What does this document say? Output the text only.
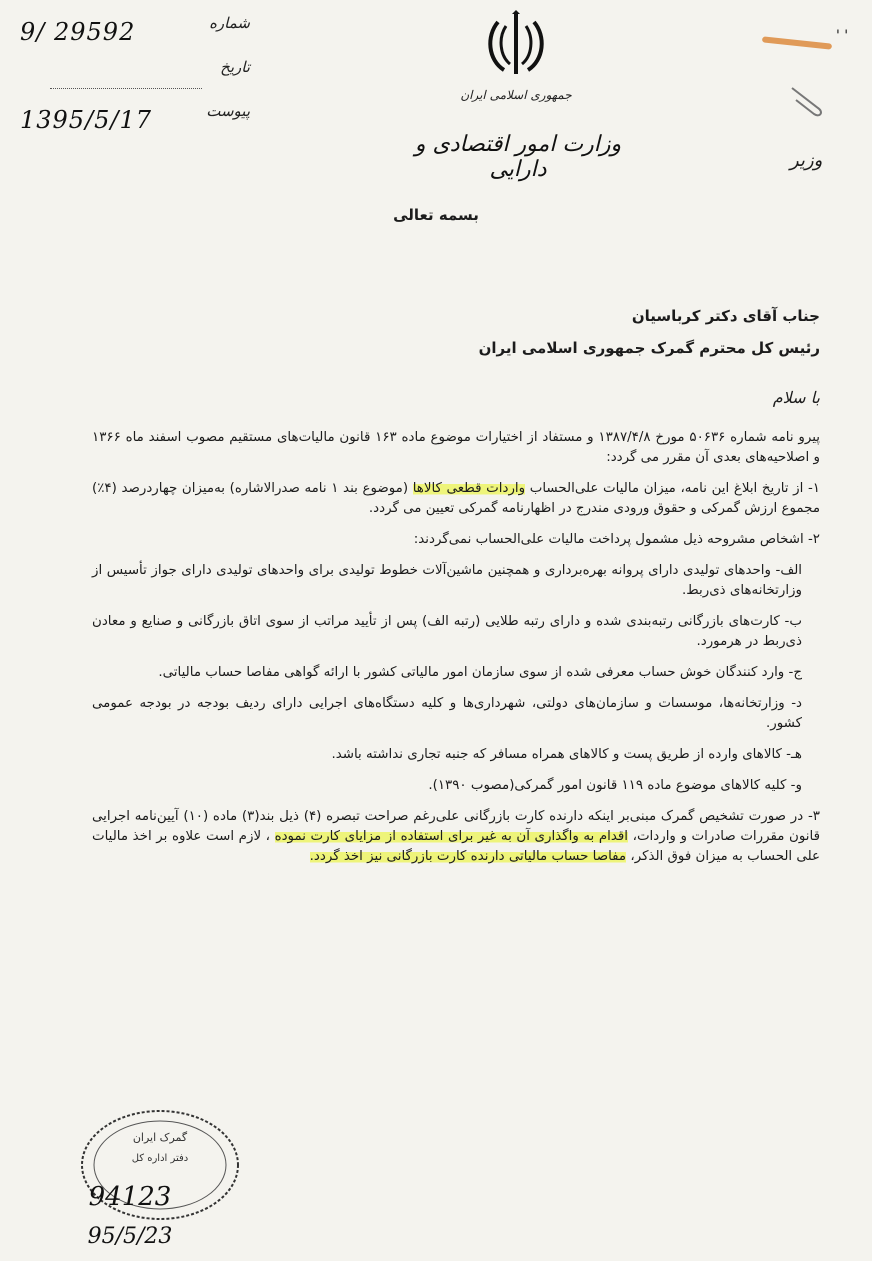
شماره
9/ 29592
تاریخ
پیوست
1395/5/17
جمهوری اسلامی ایران
وزارت امور اقتصادی و دارایی
' '
وزیر
بسمه تعالی
جناب آقای دکتر کرباسیان
رئیس کل محترم گمرک جمهوری اسلامی ایران
با سلام

پیرو نامه شماره ۵۰۶۳۶ مورخ ۱۳۸۷/۴/۸ و مستفاد از اختیارات موضوع ماده ۱۶۳ قانون مالیات‌های مستقیم مصوب اسفند ماه ۱۳۶۶ و اصلاحیه‌های بعدی آن مقرر می گردد:

۱- از تاریخ ابلاغ این نامه، میزان مالیات علی‌الحساب واردات قطعی کالاها (موضوع بند ۱ نامه صدرالاشاره) به‌میزان چهاردرصد (۴٪) مجموع ارزش گمرکی و حقوق ورودی مندرج در اظهارنامه گمرکی تعیین می گردد.

۲- اشخاص مشروحه ذیل مشمول پرداخت مالیات علی‌الحساب نمی‌گردند:

الف- واحدهای تولیدی دارای پروانه بهره‌برداری و همچنین ماشین‌آلات خطوط تولیدی برای واحدهای تولیدی دارای جواز تأسیس از وزارتخانه‌های ذی‌ربط.

ب- کارت‌های بازرگانی رتبه‌بندی شده و دارای رتبه طلایی (رتبه الف) پس از تأیید مراتب از سوی اتاق بازرگانی و صنایع و معادن ذی‌ربط در هرمورد.

ج- وارد کنندگان خوش حساب معرفی شده از سوی سازمان امور مالیاتی کشور با ارائه گواهی مفاصا حساب مالیاتی.

د- وزارتخانه‌ها، موسسات و سازمان‌های دولتی، شهرداری‌ها و کلیه دستگاه‌های اجرایی دارای ردیف بودجه در بودجه عمومی کشور.

هـ- کالاهای وارده از طریق پست و کالاهای همراه مسافر که جنبه تجاری نداشته باشد.

و- کلیه کالاهای موضوع ماده ۱۱۹ قانون امور گمرکی(مصوب ۱۳۹۰).

۳- در صورت تشخیص گمرک مبنی‌بر اینکه دارنده کارت بازرگانی علی‌رغم صراحت تبصره (۴) ذیل بند(۳) ماده (۱۰) آیین‌نامه اجرایی قانون مقررات صادرات و واردات، اقدام به واگذاری آن به غیر برای استفاده از مزایای کارت نموده ، لازم است علاوه بر اخذ مالیات علی الحساب به میزان فوق الذکر، مفاصا حساب مالیاتی دارنده کارت بازرگانی نیز اخذ گردد.

گمرک ایران
دفتر اداره کل
94123
95/5/23
